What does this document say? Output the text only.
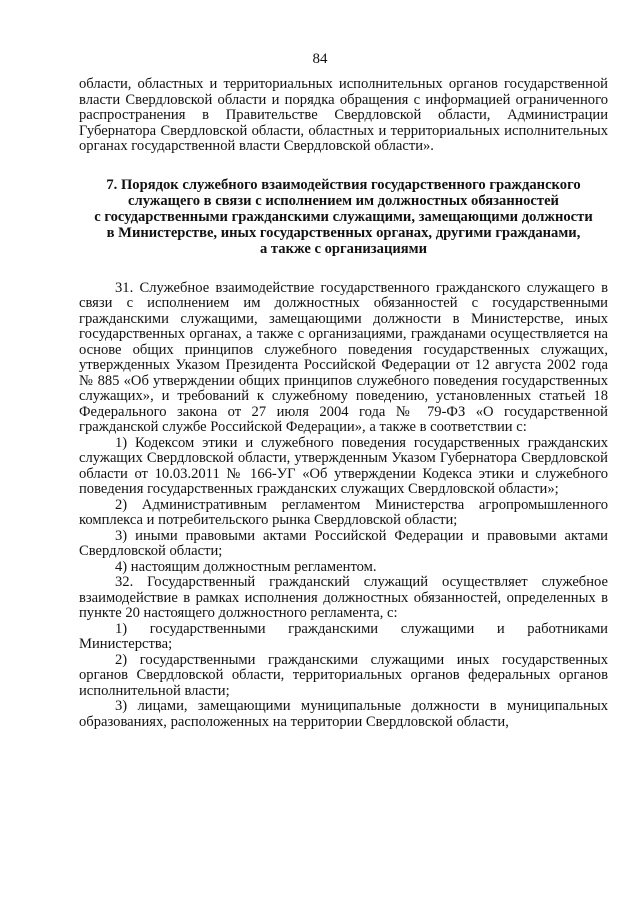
84

области, областных и территориальных исполнительных органов государственной власти Свердловской области и порядка обращения с информацией ограниченного распространения в Правительстве Свердловской области, Администрации Губернатора Свердловской области, областных и территориальных исполнительных органах государственной власти Свердловской области».

7. Порядок служебного взаимодействия государственного гражданского
служащего в связи с исполнением им должностных обязанностей
с государственными гражданскими служащими, замещающими должности
в Министерстве, иных государственных органах, другими гражданами,
а также с организациями

31. Служебное взаимодействие государственного гражданского служащего в связи с исполнением им должностных обязанностей с государственными гражданскими служащими, замещающими должности в Министерстве, иных государственных органах, а также с организациями, гражданами осуществляется на основе общих принципов служебного поведения государственных служащих, утвержденных Указом Президента Российской Федерации от 12 августа 2002 года № 885 «Об утверждении общих принципов служебного поведения государственных служащих», и требований к служебному поведению, установленных статьей 18 Федерального закона от 27 июля 2004 года № 79-ФЗ «О государственной гражданской службе Российской Федерации», а также в соответствии с:

1) Кодексом этики и служебного поведения государственных гражданских служащих Свердловской области, утвержденным Указом Губернатора Свердловской области от 10.03.2011 № 166-УГ «Об утверждении Кодекса этики и служебного поведения государственных гражданских служащих Свердловской области»;

2) Административным регламентом Министерства агропромышленного комплекса и потребительского рынка Свердловской области;

3) иными правовыми актами Российской Федерации и правовыми актами Свердловской области;

4) настоящим должностным регламентом.

32. Государственный гражданский служащий осуществляет служебное взаимодействие в рамках исполнения должностных обязанностей, определенных в пункте 20 настоящего должностного регламента, с:

1) государственными гражданскими служащими и работниками Министерства;

2) государственными гражданскими служащими иных государственных органов Свердловской области, территориальных органов федеральных органов исполнительной власти;

3) лицами, замещающими муниципальные должности в муниципальных образованиях, расположенных на территории Свердловской области,
